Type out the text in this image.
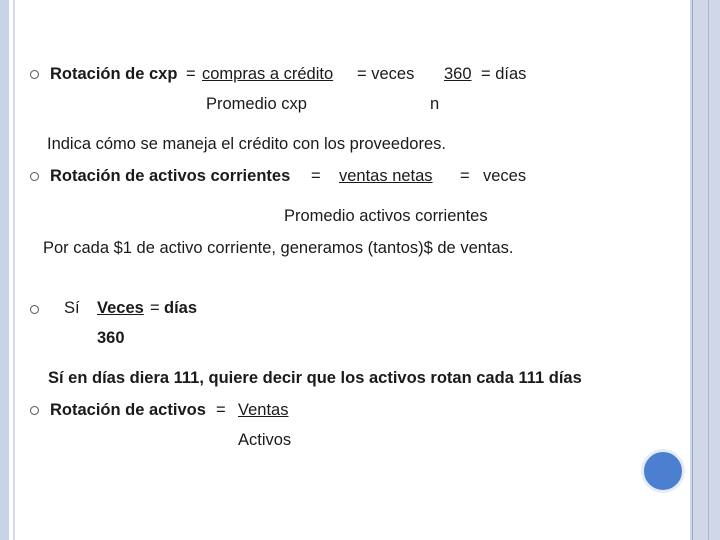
Rotación de cxp = compras a crédito = veces 360 = días
Promedio cxp	n
Indica cómo se maneja el crédito con los proveedores.
Rotación de activos corrientes = ventas netas = veces
Promedio activos corrientes
Por cada $1 de activo corriente, generamos (tantos)$ de ventas.
Sí Veces = días
360
Sí en días diera 111, quiere decir que los activos rotan cada 111 días
Rotación de activos = Ventas
Activos
